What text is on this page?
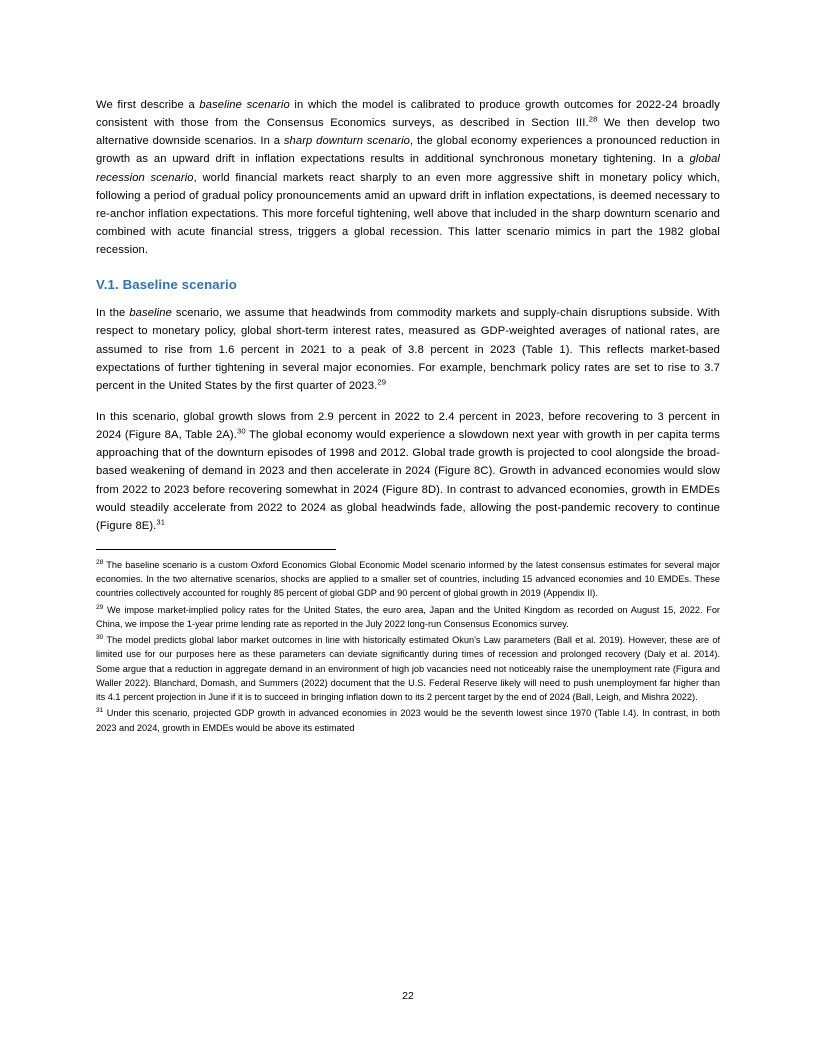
We first describe a baseline scenario in which the model is calibrated to produce growth outcomes for 2022-24 broadly consistent with those from the Consensus Economics surveys, as described in Section III.$^{28}$ We then develop two alternative downside scenarios. In a sharp downturn scenario, the global economy experiences a pronounced reduction in growth as an upward drift in inflation expectations results in additional synchronous monetary tightening. In a global recession scenario, world financial markets react sharply to an even more aggressive shift in monetary policy which, following a period of gradual policy pronouncements amid an upward drift in inflation expectations, is deemed necessary to re-anchor inflation expectations. This more forceful tightening, well above that included in the sharp downturn scenario and combined with acute financial stress, triggers a global recession. This latter scenario mimics in part the 1982 global recession.

V.1. Baseline scenario

In the baseline scenario, we assume that headwinds from commodity markets and supply-chain disruptions subside. With respect to monetary policy, global short-term interest rates, measured as GDP-weighted averages of national rates, are assumed to rise from 1.6 percent in 2021 to a peak of 3.8 percent in 2023 (Table 1). This reflects market-based expectations of further tightening in several major economies. For example, benchmark policy rates are set to rise to 3.7 percent in the United States by the first quarter of 2023.29

In this scenario, global growth slows from 2.9 percent in 2022 to 2.4 percent in 2023, before recovering to 3 percent in 2024 (Figure 8A, Table 2A).$^{30}$ The global economy would experience a slowdown next year with growth in per capita terms approaching that of the downturn episodes of 1998 and 2012. Global trade growth is projected to cool alongside the broad-based weakening of demand in 2023 and then accelerate in 2024 (Figure 8C). Growth in advanced economies would slow from 2022 to 2023 before recovering somewhat in 2024 (Figure 8D). In contrast to advanced economies, growth in EMDEs would steadily accelerate from 2022 to 2024 as global headwinds fade, allowing the post-pandemic recovery to continue (Figure 8E).$^{31}$

$^{28}$ The baseline scenario is a custom Oxford Economics Global Economic Model scenario informed by the latest consensus estimates for several major economies. In the two alternative scenarios, shocks are applied to a smaller set of countries, including 15 advanced economies and 10 EMDEs. These countries collectively accounted for roughly 85 percent of global GDP and 90 percent of global growth in 2019 (Appendix II).

$^{29}$ We impose market-implied policy rates for the United States, the euro area, Japan and the United Kingdom as recorded on August 15, 2022. For China, we impose the 1-year prime lending rate as reported in the July 2022 long-run Consensus Economics survey.

$^{30}$ The model predicts global labor market outcomes in line with historically estimated Okun's Law parameters (Ball et al. 2019). However, these are of limited use for our purposes here as these parameters can deviate significantly during times of recession and prolonged recovery (Daly et al. 2014). Some argue that a reduction in aggregate demand in an environment of high job vacancies need not noticeably raise the unemployment rate (Figura and Waller 2022). Blanchard, Domash, and Summers (2022) document that the U.S. Federal Reserve likely will need to push unemployment far higher than its 4.1 percent projection in June if it is to succeed in bringing inflation down to its 2 percent target by the end of 2024 (Ball, Leigh, and Mishra 2022).

$^{31}$ Under this scenario, projected GDP growth in advanced economies in 2023 would be the seventh lowest since 1970 (Table I.4). In contrast, in both 2023 and 2024, growth in EMDEs would be above its estimated

22
